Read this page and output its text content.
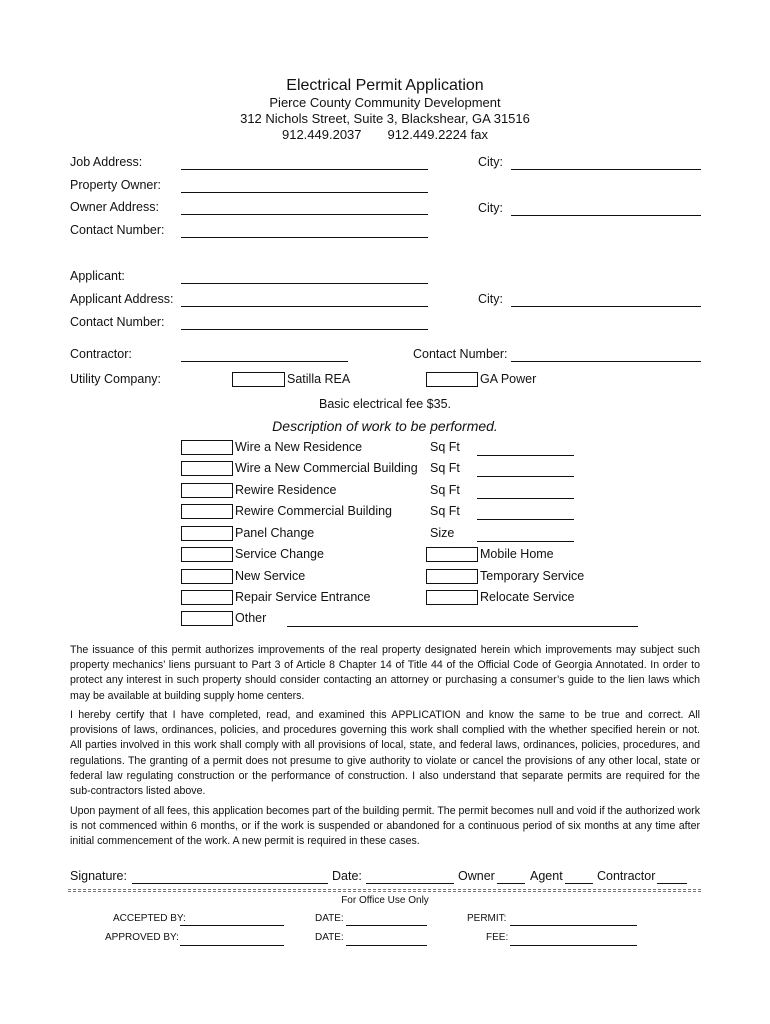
Electrical Permit Application
Pierce County Community Development
312 Nichols Street, Suite 3, Blackshear, GA 31516
912.449.2037 912.449.2224 fax
Job Address:	City:
Property Owner:
Owner Address:	City:
Contact Number:
Applicant:
Applicant Address:	City:
Contact Number:
Contractor:	Contact Number:
Utility Company:	Satilla REA	GA Power
Basic electrical fee $35.
Description of work to be performed.
Wire a New Residence	Sq Ft
Wire a New Commercial Building Sq Ft
Rewire Residence	Sq Ft
Rewire Commercial Building	Sq Ft
Panel Change	Size
Service Change	Mobile Home
New Service	Temporary Service
Repair Service Entrance	Relocate Service
Other
The issuance of this permit authorizes improvements of the real property designated herein which improvements may subject such property mechanics’ liens pursuant to Part 3 of Article 8 Chapter 14 of Title 44 of the Official Code of Georgia Annotated. In order to protect any interest in such property should consider contacting an attorney or purchasing a consumer’s guide to the lien laws which may be available at building supply home centers.
I hereby certify that I have completed, read, and examined this APPLICATION and know the same to be true and correct. All provisions of laws, ordinances, policies, and procedures governing this work shall complied with the whether specified herein or not. All parties involved in this work shall comply with all provisions of local, state, and federal laws, ordinances, policies, procedures, and regulations. The granting of a permit does not presume to give authority to violate or cancel the provisions of any other local, state or federal law regulating construction or the performance of construction. I also understand that separate permits are required for the sub-contractors listed above.
Upon payment of all fees, this application becomes part of the building permit. The permit becomes null and void if the authorized work is not commenced within 6 months, or if the work is suspended or abandoned for a continuous period of six months at any time after initial commencement of the work. A new permit is required in these cases.
Signature:	Date:	Owner	Agent	Contractor
For Office Use Only
ACCEPTED BY:	DATE:	PERMIT:
APPROVED BY:	DATE:	FEE:
